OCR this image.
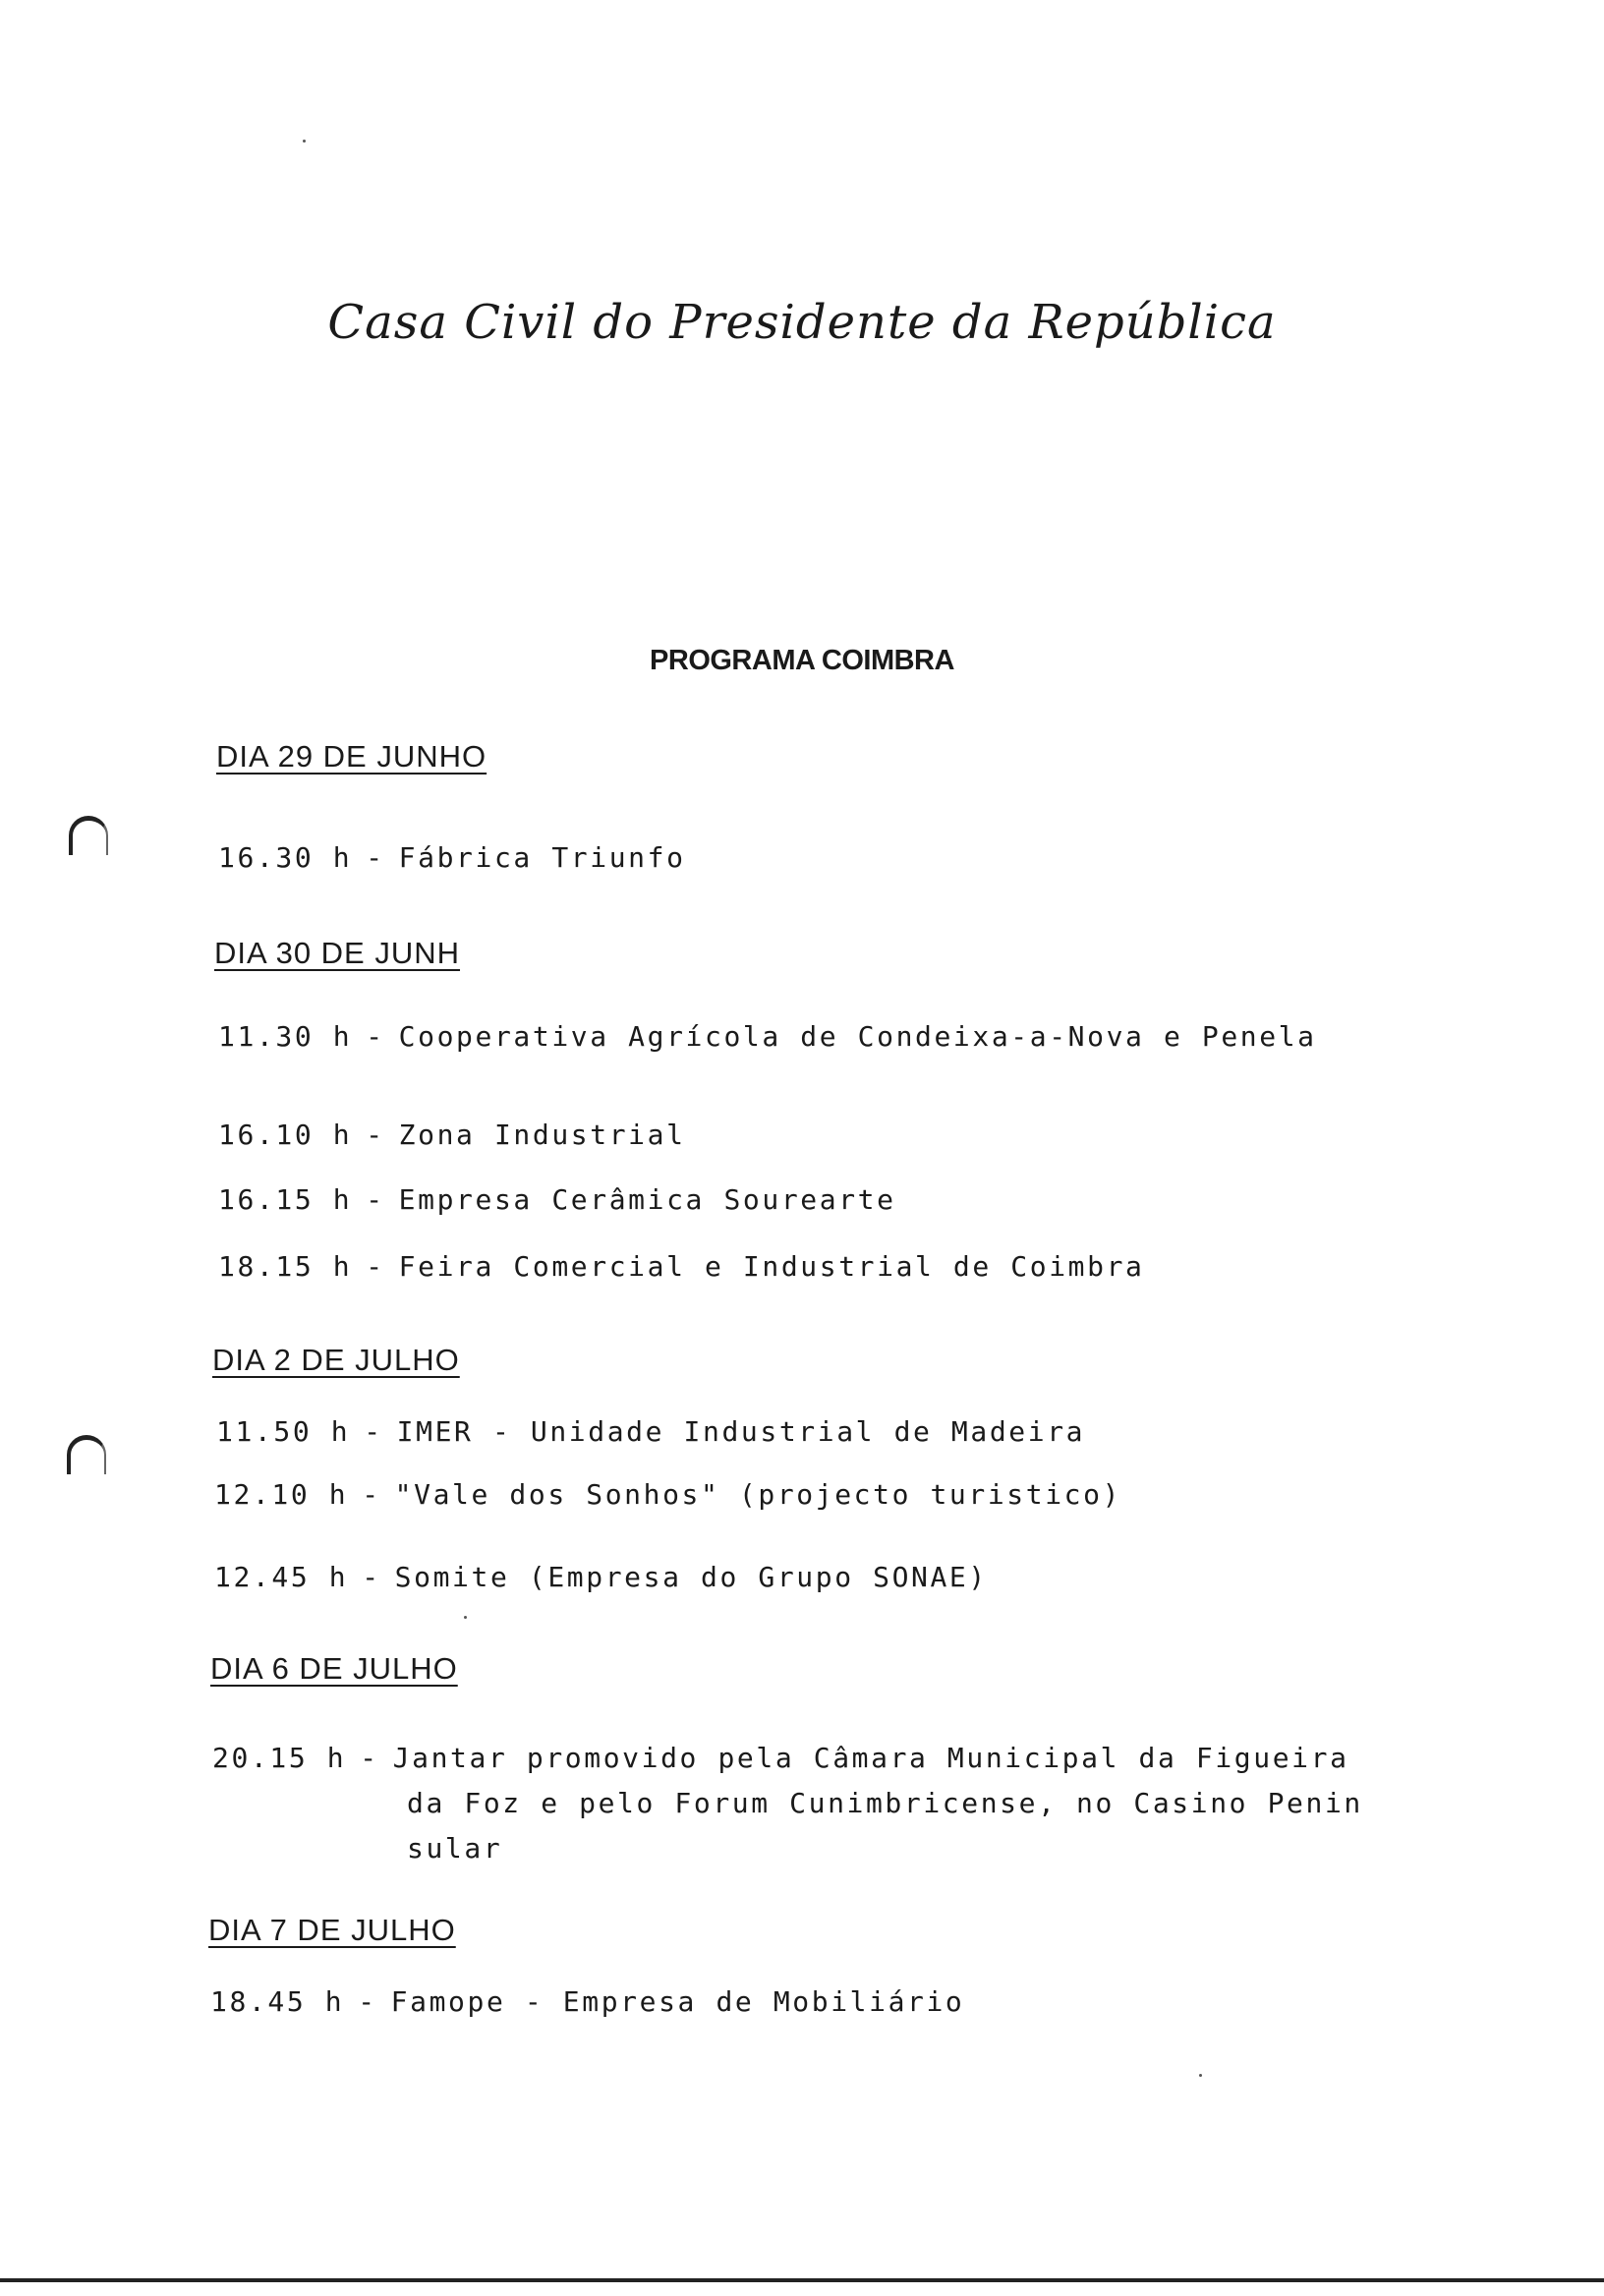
Casa Civil do Presidente da República
PROGRAMA COIMBRA
DIA 29 DE JUNHO
16.30 h - Fábrica Triunfo
DIA 30 DE JUNH
11.30 h - Cooperativa Agrícola de Condeixa-a-Nova e Penela
16.10 h - Zona Industrial
16.15 h - Empresa Cerâmica Sourearte
18.15 h - Feira Comercial e Industrial de Coimbra
DIA 2 DE JULHO
11.50 h - IMER - Unidade Industrial de Madeira
12.10 h - "Vale dos Sonhos" (projecto turistico)
12.45 h - Somite (Empresa do Grupo SONAE)
DIA 6 DE JULHO
20.15 h - Jantar promovido pela Câmara Municipal da Figueira
da Foz e pelo Forum Cunimbricense, no Casino Penin
sular
DIA 7 DE JULHO
18.45 h - Famope - Empresa de Mobiliário
